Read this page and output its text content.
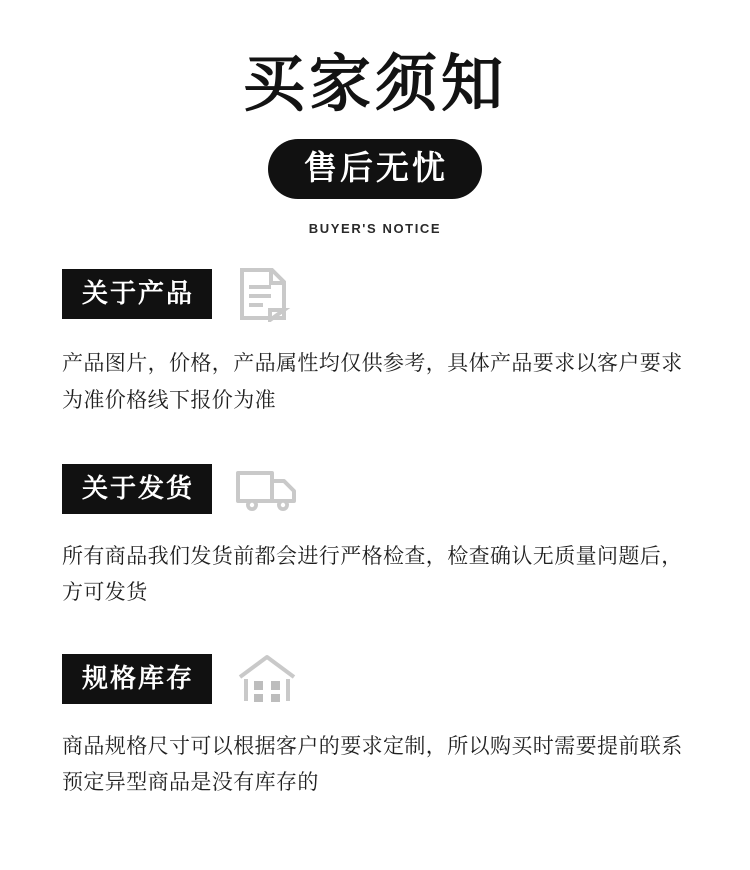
买家须知
售后无忧
BUYER'S NOTICE
关于产品
产品图片，价格，产品属性均仅供参考，具体产品要求以客户要求为准价格线下报价为准
关于发货
所有商品我们发货前都会进行严格检查，检查确认无质量问题后， 方可发货
规格库存
商品规格尺寸可以根据客户的要求定制，所以购买时需要提前联系预定异型商品是没有库存的
